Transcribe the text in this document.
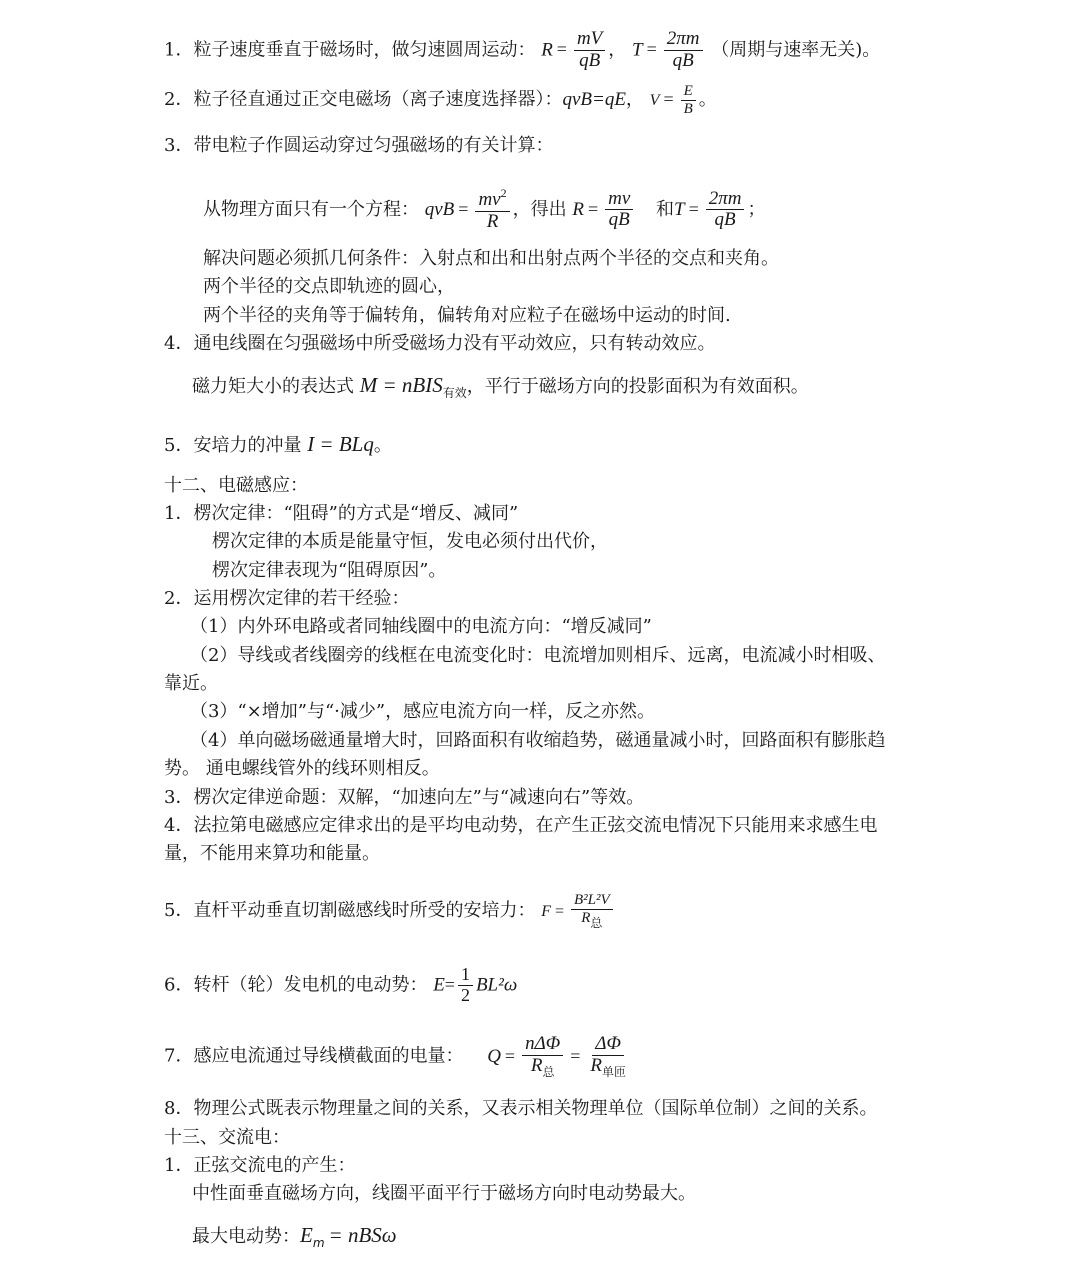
1．粒子速度垂直于磁场时，做匀速圆周运动： $R = \frac{mV}{qB}$ ， $T = \frac{2\pi m}{qB}$ （周期与速率无关)。
2．粒子径直通过正交电磁场（离子速度选择器）：qvB=qE， $V = \frac{E}{B}$ 。
3．带电粒子作圆运动穿过匀强磁场的有关计算：
从物理方面只有一个方程： qvB = $\frac{mv^2}{R}$ ，得出 $R = \frac{mv}{qB}$ 和$T = \frac{2\pi m}{qB}$ ；
解决问题必须抓几何条件：入射点和出和出射点两个半径的交点和夹角。
两个半径的交点即轨迹的圆心，
两个半径的夹角等于偏转角，偏转角对应粒子在磁场中运动的时间.
4．通电线圈在匀强磁场中所受磁场力没有平动效应，只有转动效应。
磁力矩大小的表达式 M = nBIS$_{有效}$，平行于磁场方向的投影面积为有效面积。
5．安培力的冲量 I = BLq。
十二、电磁感应：
1．楞次定律：“阻碍”的方式是“增反、减同”
楞次定律的本质是能量守恒，发电必须付出代价，
楞次定律表现为“阻碍原因”。
2．运用楞次定律的若干经验：
（1）内外环电路或者同轴线圈中的电流方向：“增反减同”
（2）导线或者线圈旁的线框在电流变化时：电流增加则相斥、远离，电流减小时相吸、
靠近。
（3）“×增加”与“·减少”，感应电流方向一样，反之亦然。
（4）单向磁场磁通量增大时，回路面积有收缩趋势，磁通量减小时，回路面积有膨胀趋
势。 通电螺线管外的线环则相反。
3．楞次定律逆命题：双解，“加速向左”与“减速向右”等效。
4．法拉第电磁感应定律求出的是平均电动势，在产生正弦交流电情况下只能用来求感生电
量，不能用来算功和能量。
5．直杆平动垂直切割磁感线时所受的安培力： $F = \frac{\text{B²L²V}}{R_总}$
6．转杆（轮）发电机的电动势： $E= \frac{1}{2} BL^2\omega$
7．感应电流通过导线横截面的电量： $Q = \frac{\text{nΔΦ}}{R_总} = \frac{\Delta\Phi}{R_{单匝}}$
8．物理公式既表示物理量之间的关系，又表示相关物理单位（国际单位制）之间的关系。
十三、交流电：
1．正弦交流电的产生：
中性面垂直磁场方向，线圈平面平行于磁场方向时电动势最大。
最大电动势：$E_m = nBS\omega$
